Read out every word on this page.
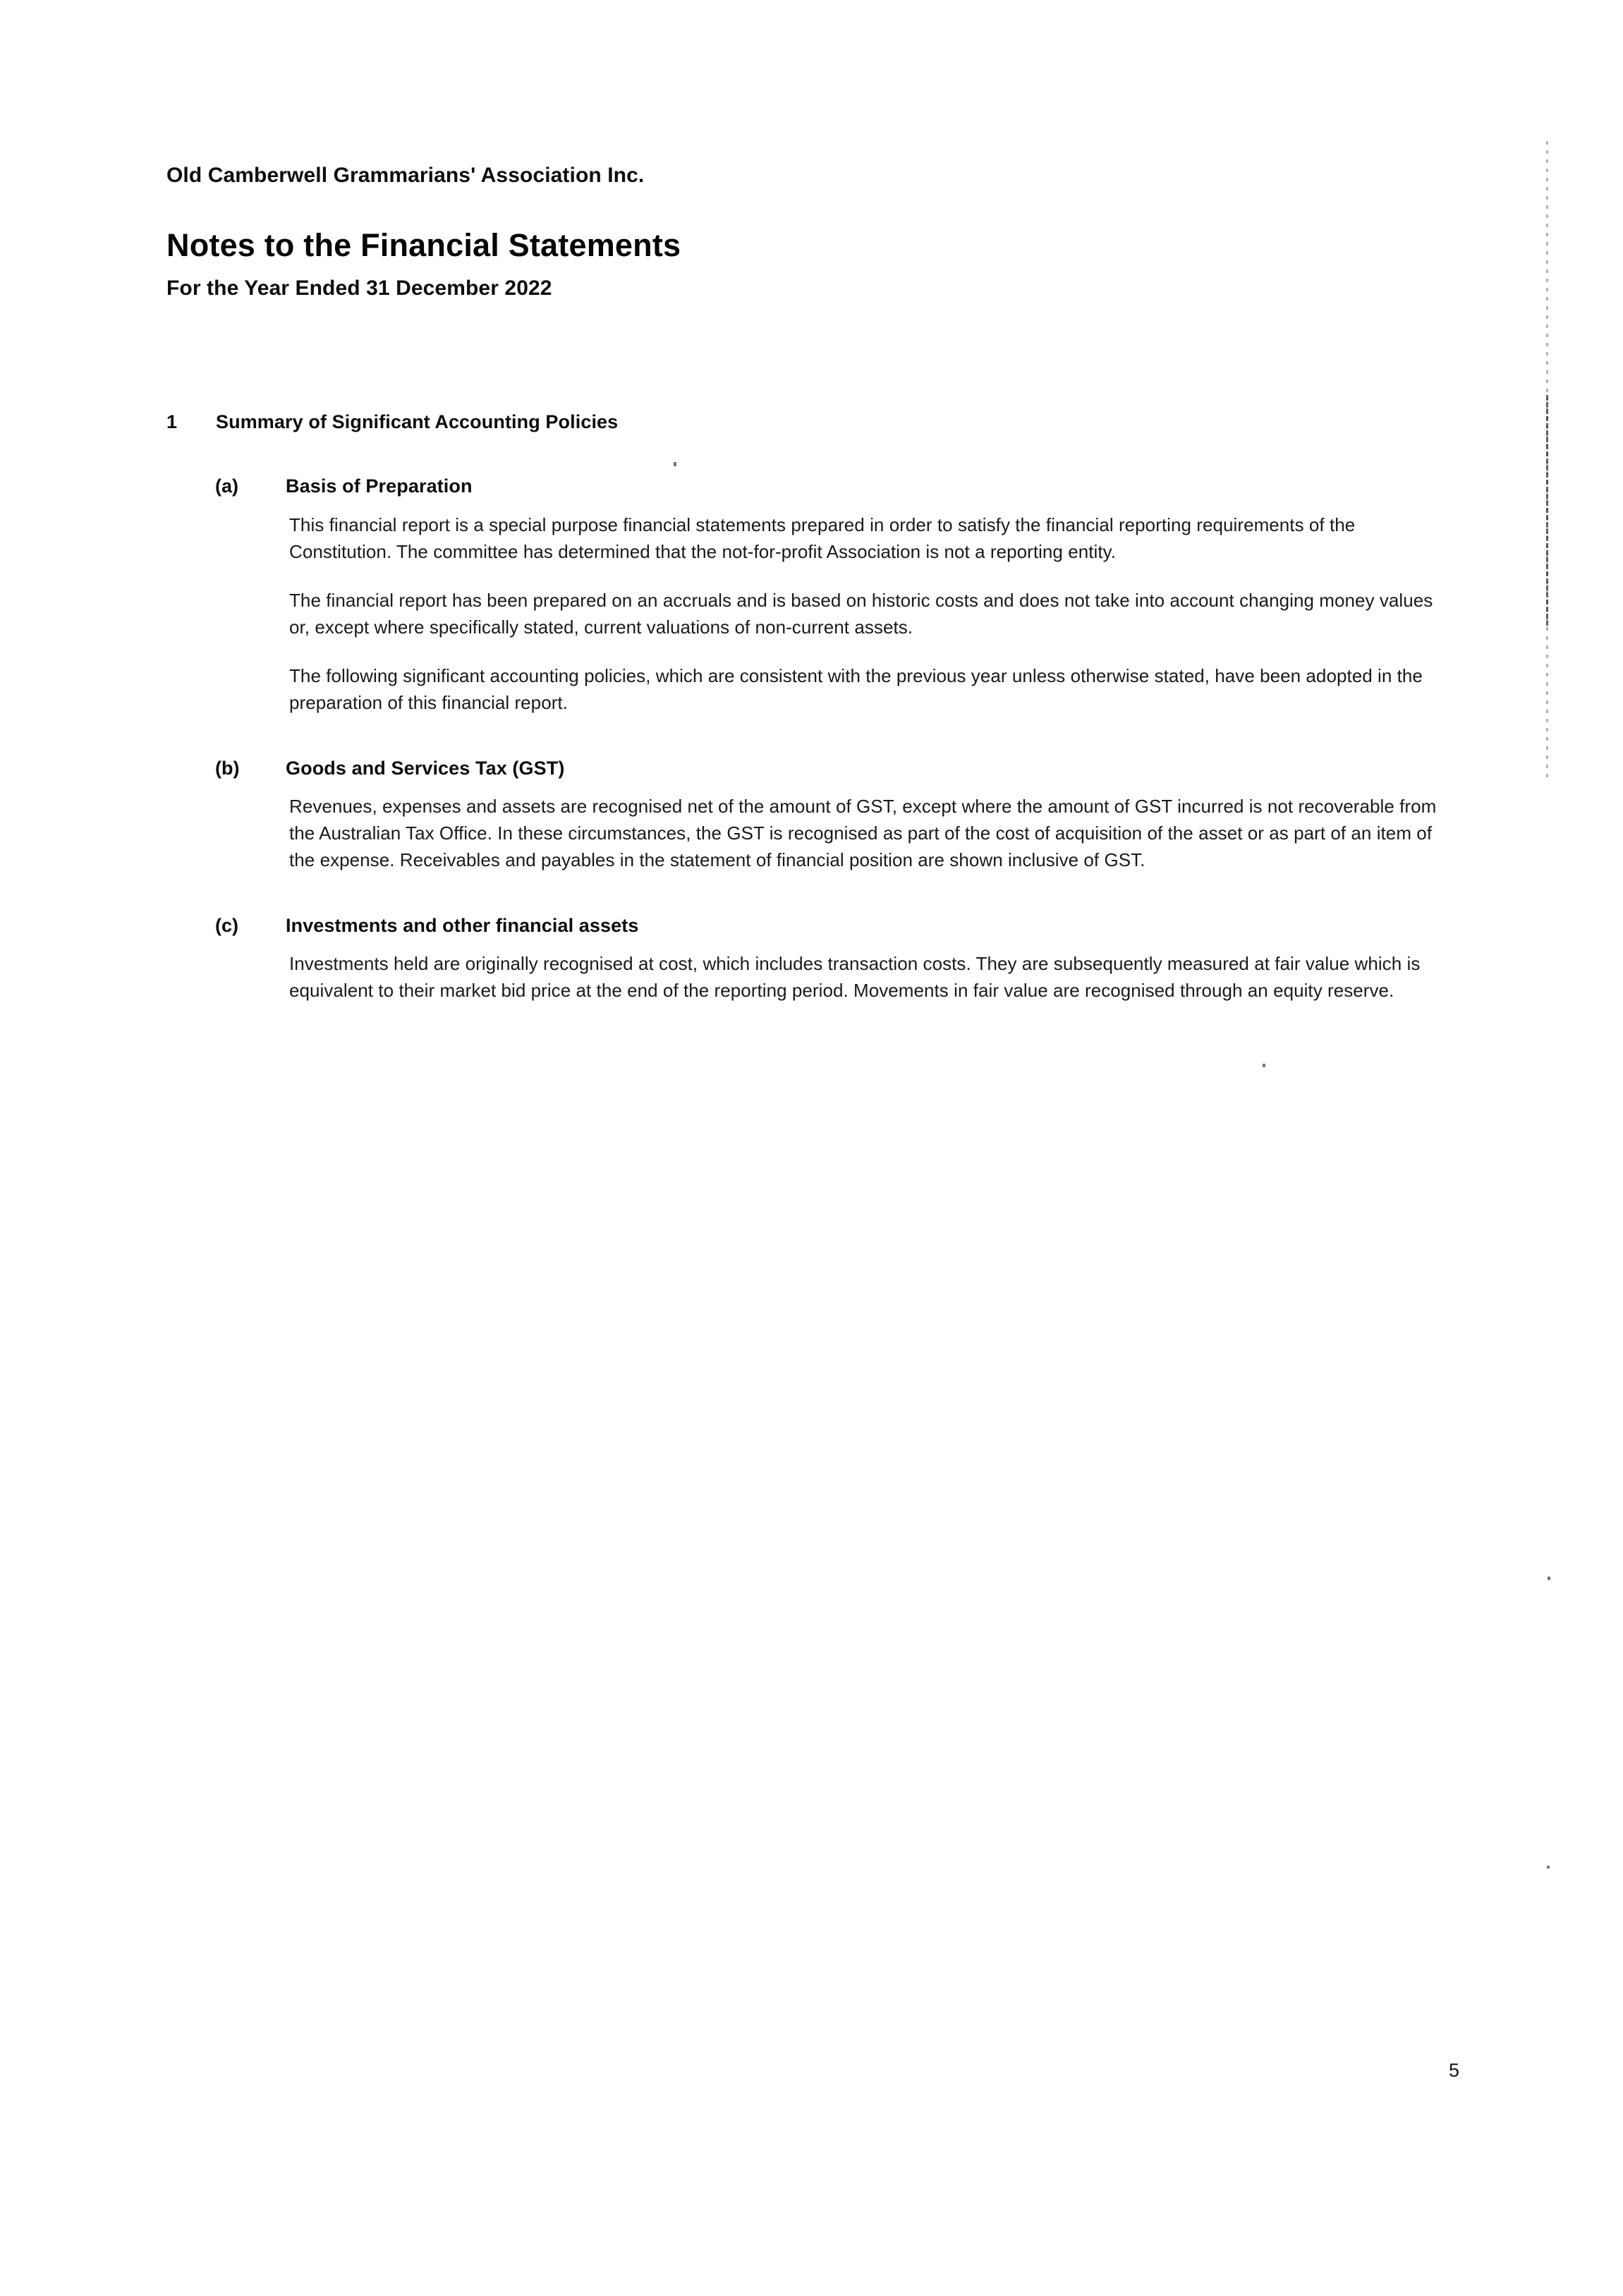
Old Camberwell Grammarians' Association Inc.

Notes to the Financial Statements

For the Year Ended 31 December 2022

1	Summary of Significant Accounting Policies
(a)	Basis of Preparation

This financial report is a special purpose financial statements prepared in order to satisfy the financial reporting requirements of the Constitution. The committee has determined that the not-for-profit Association is not a reporting entity.

The financial report has been prepared on an accruals and is based on historic costs and does not take into account changing money values or, except where specifically stated, current valuations of non-current assets.

The following significant accounting policies, which are consistent with the previous year unless otherwise stated, have been adopted in the preparation of this financial report.

(b)	Goods and Services Tax (GST)

Revenues, expenses and assets are recognised net of the amount of GST, except where the amount of GST incurred is not recoverable from the Australian Tax Office. In these circumstances, the GST is recognised as part of the cost of acquisition of the asset or as part of an item of the expense. Receivables and payables in the statement of financial position are shown inclusive of GST.

(c)	Investments and other financial assets

Investments held are originally recognised at cost, which includes transaction costs. They are subsequently measured at fair value which is equivalent to their market bid price at the end of the reporting period. Movements in fair value are recognised through an equity reserve.

5
